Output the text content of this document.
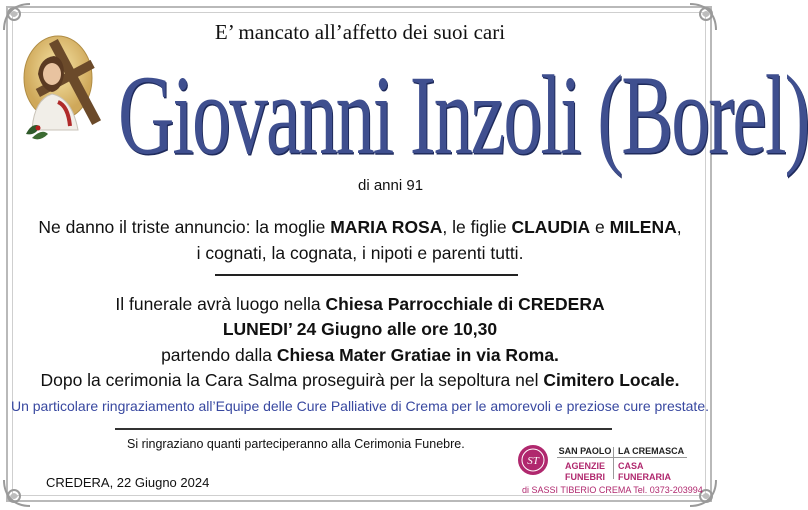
E’ mancato all’affetto dei suoi cari
Giovanni Inzoli (Borel)
di anni 91
Ne danno il triste annuncio: la moglie MARIA ROSA, le figlie CLAUDIA e MILENA,
i cognati, la cognata, i nipoti e parenti tutti.
Il funerale avrà luogo nella Chiesa Parrocchiale di CREDERA
LUNEDI’ 24 Giugno alle ore 10,30
partendo dalla Chiesa Mater Gratiae in via Roma.
Dopo la cerimonia la Cara Salma proseguirà per la sepoltura nel Cimitero Locale.
Un particolare ringraziamento all’Equipe delle Cure Palliative di Crema per le amorevoli e preziose cure prestate.
Si ringraziano quanti parteciperanno alla Cerimonia Funebre.
CREDERA, 22 Giugno 2024
ST
SAN PAOLO
AGENZIE
FUNEBRI
LA CREMASCA
CASA
FUNERARIA
di SASSI TIBERIO CREMA Tel. 0373-203994
